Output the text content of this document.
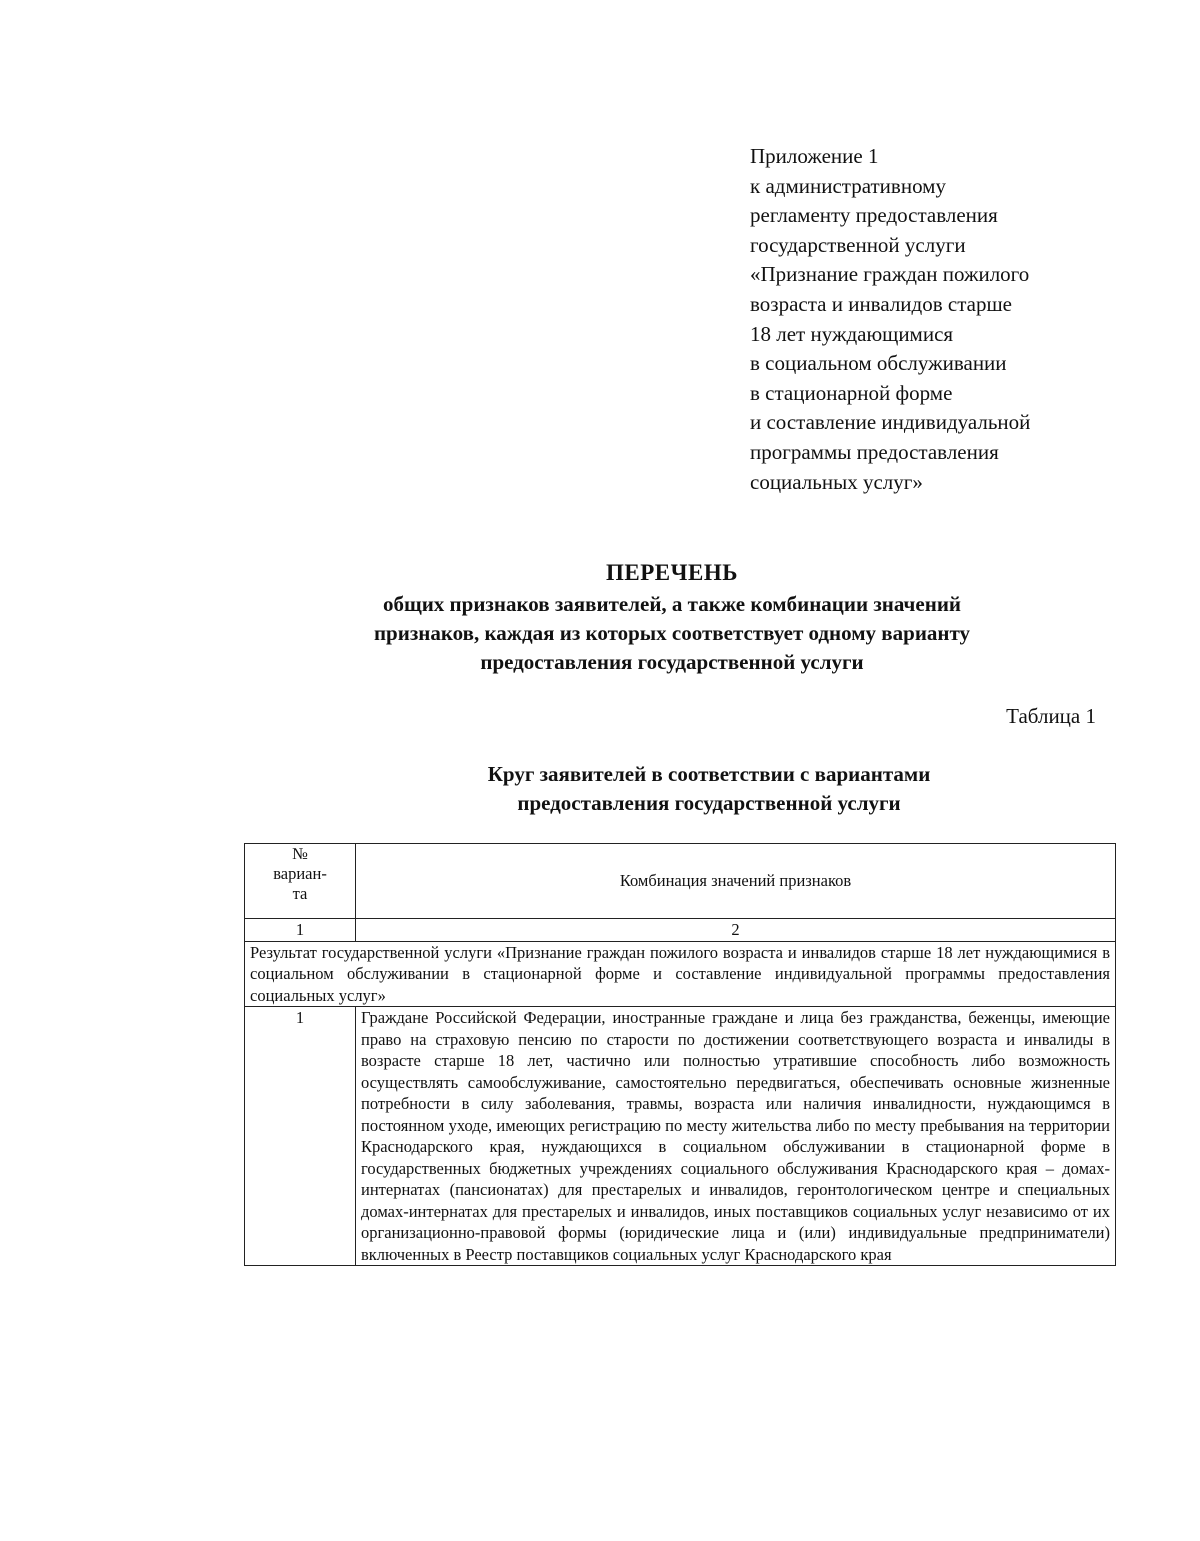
Приложение 1
к административному
регламенту предоставления
государственной услуги
«Признание граждан пожилого
возраста и инвалидов старше
18 лет нуждающимися
в социальном обслуживании
в стационарной форме
и составление индивидуальной
программы предоставления
социальных услуг»
ПЕРЕЧЕНЬ
общих признаков заявителей, а также комбинации значений
признаков, каждая из которых соответствует одному варианту
предоставления государственной услуги
Таблица 1
Круг заявителей в соответствии с вариантами
предоставления государственной услуги
№
вариан-
та	Комбинация значений признаков
1	2
Результат государственной услуги «Признание граждан пожилого возраста и инвалидов старше 18 лет нуждающимися в социальном обслуживании в стационарной форме и составление индивидуальной программы предоставления социальных услуг»	
1	Граждане Российской Федерации, иностранные граждане и лица без гражданства, беженцы, имеющие право на страховую пенсию по старости по достижении соответствующего возраста и инвалиды в возрасте старше 18 лет, частично или полностью утратившие способность либо возможность осуществлять самообслуживание, самостоятельно передвигаться, обеспечивать основные жизненные потребности в силу заболевания, травмы, возраста или наличия инвалидности, нуждающимся в постоянном уходе, имеющих регистрацию по месту жительства либо по месту пребывания на территории Краснодарского края, нуждающихся в социальном обслуживании в стационарной форме в государственных бюджетных учреждениях социального обслуживания Краснодарского края – домах-интернатах (пансионатах) для престарелых и инвалидов, геронтологическом центре и специальных домах-интернатах для престарелых и инвалидов, иных поставщиков социальных услуг независимо от их организационно-правовой формы (юридические лица и (или) индивидуальные предприниматели) включенных в Реестр поставщиков социальных услуг Краснодарского края
